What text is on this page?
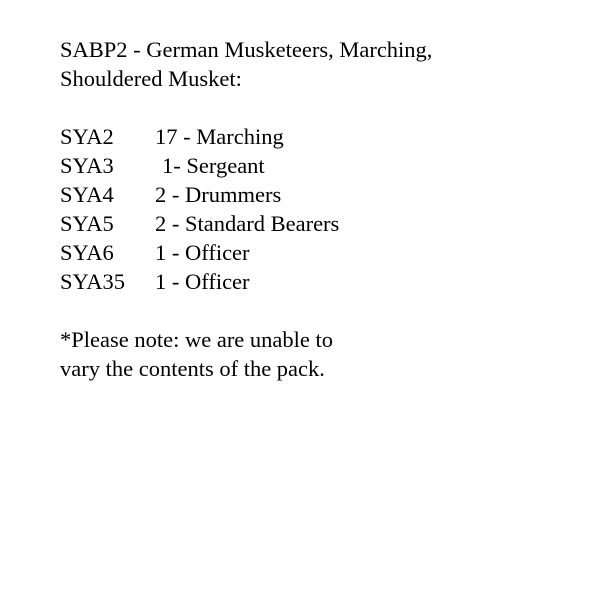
SABP2 - German Musketeers, Marching,
Shouldered Musket:
SYA2	17 - Marching
SYA3	1- Sergeant
SYA4	2 - Drummers
SYA5	2 - Standard Bearers
SYA6	1 - Officer
SYA35	1 - Officer
*Please note: we are unable to
vary the contents of the pack.
